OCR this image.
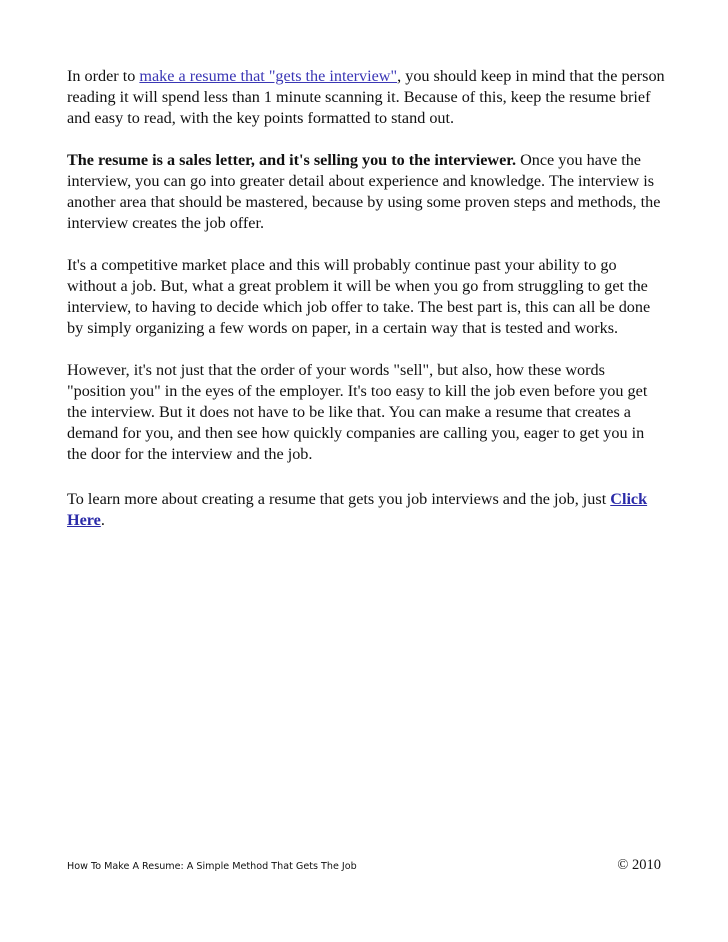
In order to make a resume that "gets the interview", you should keep in mind that the person reading it will spend less than 1 minute scanning it. Because of this, keep the resume brief and easy to read, with the key points formatted to stand out.

The resume is a sales letter, and it's selling you to the interviewer. Once you have the interview, you can go into greater detail about experience and knowledge. The interview is another area that should be mastered, because by using some proven steps and methods, the interview creates the job offer.

It's a competitive market place and this will probably continue past your ability to go without a job. But, what a great problem it will be when you go from struggling to get the interview, to having to decide which job offer to take. The best part is, this can all be done by simply organizing a few words on paper, in a certain way that is tested and works.

However, it's not just that the order of your words "sell", but also, how these words "position you" in the eyes of the employer. It's too easy to kill the job even before you get the interview. But it does not have to be like that. You can make a resume that creates a demand for you, and then see how quickly companies are calling you, eager to get you in the door for the interview and the job.

To learn more about creating a resume that gets you job interviews and the job, just Click Here.

How To Make A Resume: A Simple Method That Gets The Job	© 2010
